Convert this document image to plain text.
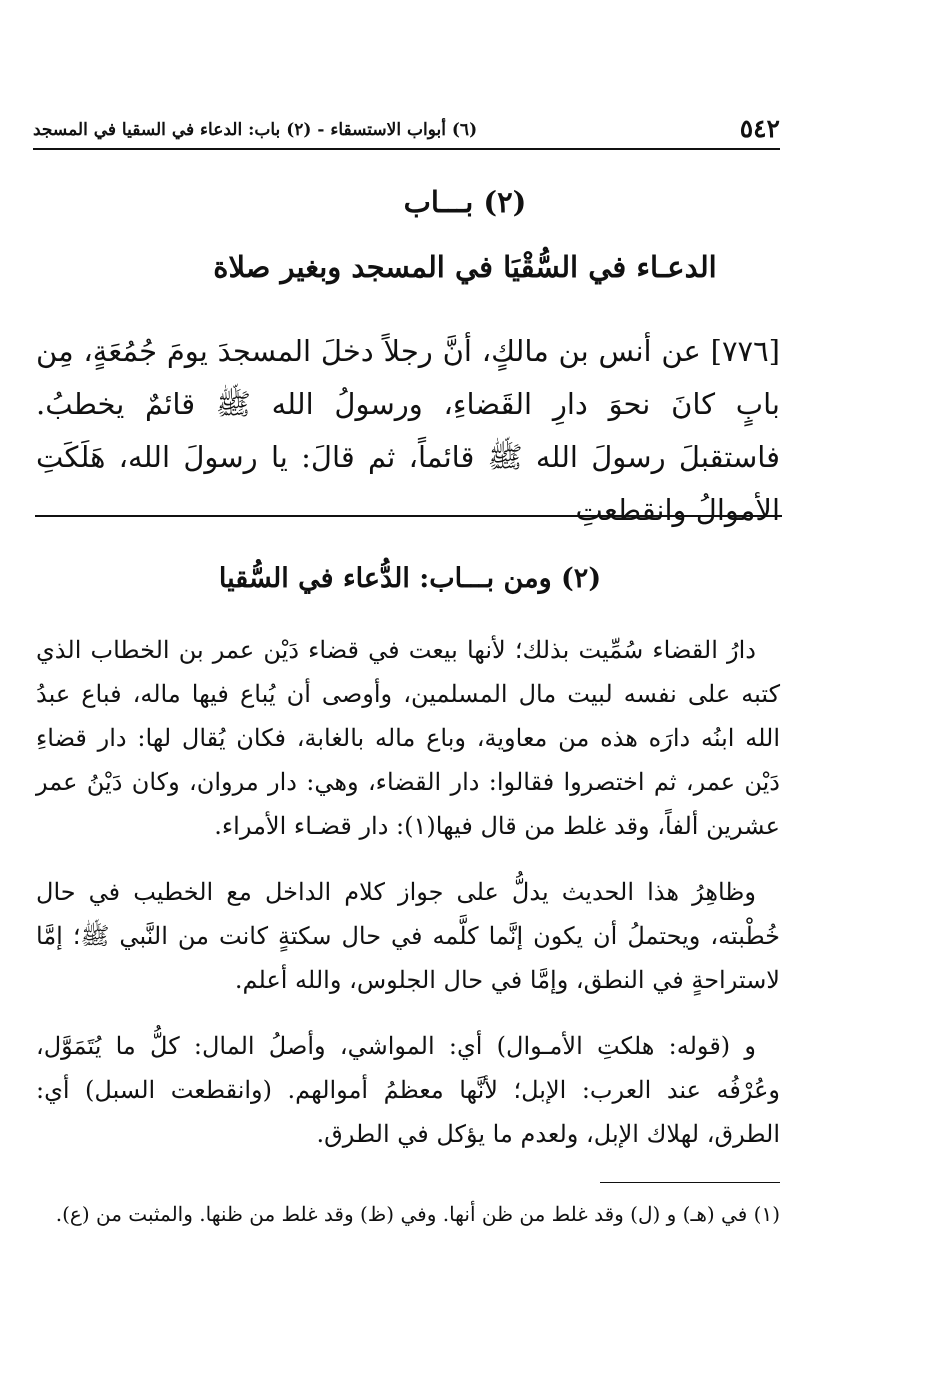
٥٤٢
(٦) أبواب الاستسقاء - (٢) باب: الدعاء في السقيا في المسجد
(٢) بـــاب
الدعـاء في السُّقْيَا في المسجد وبغير صلاة
[٧٧٦] عن أنس بن مالكٍ، أنَّ رجلاً دخلَ المسجدَ يومَ جُمُعَةٍ، مِن بابٍ كانَ نحوَ دارِ القَضاءِ، ورسولُ الله ﷺ قائمٌ يخطبُ. فاستقبلَ رسولَ الله ﷺ قائماً، ثم قالَ: يا رسولَ الله، هَلَكَتِ الأموالُ وانقطعتِ
(٢) ومن بـــاب: الدُّعاء في السُّقيا
دارُ القضاء سُمِّيت بذلك؛ لأنها بيعت في قضاء دَيْن عمر بن الخطاب الذي كتبه على نفسه لبيت مال المسلمين، وأوصى أن يُباع فيها ماله، فباع عبدُ الله ابنُه دارَه هذه من معاوية، وباع ماله بالغابة، فكان يُقال لها: دار قضاءِ دَيْن عمر، ثم اختصروا فقالوا: دار القضاء، وهي: دار مروان، وكان دَيْنُ عمر عشرين ألفاً، وقد غلط من قال فيها(١): دار قضـاء الأمراء.
وظاهِرُ هذا الحديث يدلُّ على جواز كلام الداخل مع الخطيب في حال خُطْبته، ويحتملُ أن يكون إنَّما كلَّمه في حال سكتةٍ كانت من النَّبي ﷺ؛ إمَّا لاستراحةٍ في النطق، وإمَّا في حال الجلوس، والله أعلم.
و (قوله: هلكتِ الأمـوال) أي: المواشي، وأصلُ المال: كلُّ ما يُتَمَوَّل، وعُرْفُه عند العرب: الإبل؛ لأنَّها معظمُ أموالهم. (وانقطعت السبل) أي: الطرق، لهلاك الإبل، ولعدم ما يؤكل في الطرق.
(١) في (هـ) و (ل) وقد غلط من ظن أنها. وفي (ظ) وقد غلط من ظنها. والمثبت من (ع).
